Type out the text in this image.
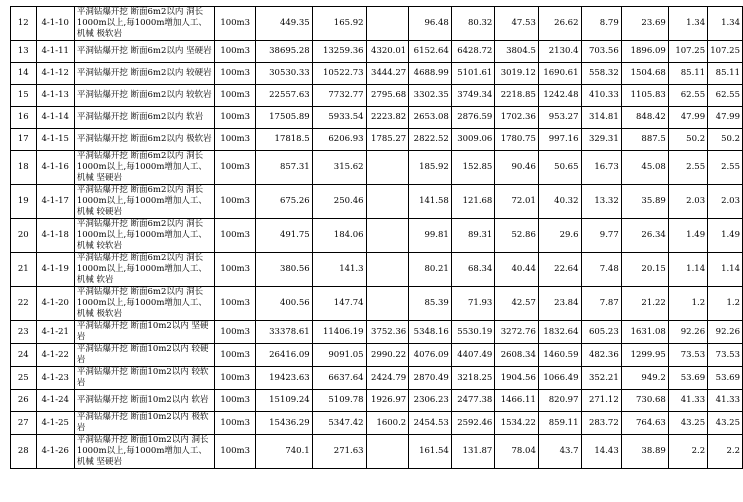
12	4-1-10	平洞钻爆开挖 断面6m2以内 洞长1000m以上,每1000m增加人工、机械 极软岩	100m3	449.35	165.92		96.48	80.32	47.53	26.62	8.79	23.69	1.34	1.34
13	4-1-11	平洞钻爆开挖 断面6m2以内 坚硬岩	100m3	38695.28	13259.36	4320.01	6152.64	6428.72	3804.5	2130.4	703.56	1896.09	107.25	107.25
14	4-1-12	平洞钻爆开挖 断面6m2以内 较硬岩	100m3	30530.33	10522.73	3444.27	4688.99	5101.61	3019.12	1690.61	558.32	1504.68	85.11	85.11
15	4-1-13	平洞钻爆开挖 断面6m2以内 较软岩	100m3	22557.63	7732.77	2795.68	3302.35	3749.34	2218.85	1242.48	410.33	1105.83	62.55	62.55
16	4-1-14	平洞钻爆开挖 断面6m2以内 软岩	100m3	17505.89	5933.54	2223.82	2653.08	2876.59	1702.36	953.27	314.81	848.42	47.99	47.99
17	4-1-15	平洞钻爆开挖 断面6m2以内 极软岩	100m3	17818.5	6206.93	1785.27	2822.52	3009.06	1780.75	997.16	329.31	887.5	50.2	50.2
18	4-1-16	平洞钻爆开挖 断面6m2以内 洞长1000m以上,每1000m增加人工、机械 坚硬岩	100m3	857.31	315.62		185.92	152.85	90.46	50.65	16.73	45.08	2.55	2.55
19	4-1-17	平洞钻爆开挖 断面6m2以内 洞长1000m以上,每1000m增加人工、机械 较硬岩	100m3	675.26	250.46		141.58	121.68	72.01	40.32	13.32	35.89	2.03	2.03
20	4-1-18	平洞钻爆开挖 断面6m2以内 洞长1000m以上,每1000m增加人工、机械 较软岩	100m3	491.75	184.06		99.81	89.31	52.86	29.6	9.77	26.34	1.49	1.49
21	4-1-19	平洞钻爆开挖 断面6m2以内 洞长1000m以上,每1000m增加人工、机械 软岩	100m3	380.56	141.3		80.21	68.34	40.44	22.64	7.48	20.15	1.14	1.14
22	4-1-20	平洞钻爆开挖 断面6m2以内 洞长1000m以上,每1000m增加人工、机械 极软岩	100m3	400.56	147.74		85.39	71.93	42.57	23.84	7.87	21.22	1.2	1.2
23	4-1-21	平洞钻爆开挖 断面10m2以内 坚硬岩	100m3	33378.61	11406.19	3752.36	5348.16	5530.19	3272.76	1832.64	605.23	1631.08	92.26	92.26
24	4-1-22	平洞钻爆开挖 断面10m2以内 较硬岩	100m3	26416.09	9091.05	2990.22	4076.09	4407.49	2608.34	1460.59	482.36	1299.95	73.53	73.53
25	4-1-23	平洞钻爆开挖 断面10m2以内 较软岩	100m3	19423.63	6637.64	2424.79	2870.49	3218.25	1904.56	1066.49	352.21	949.2	53.69	53.69
26	4-1-24	平洞钻爆开挖 断面10m2以内 软岩	100m3	15109.24	5109.78	1926.97	2306.23	2477.38	1466.11	820.97	271.12	730.68	41.33	41.33
27	4-1-25	平洞钻爆开挖 断面10m2以内 极软岩	100m3	15436.29	5347.42	1600.2	2454.53	2592.46	1534.22	859.11	283.72	764.63	43.25	43.25
28	4-1-26	平洞钻爆开挖 断面10m2以内 洞长1000m以上,每1000m增加人工、机械 坚硬岩	100m3	740.1	271.63		161.54	131.87	78.04	43.7	14.43	38.89	2.2	2.2
